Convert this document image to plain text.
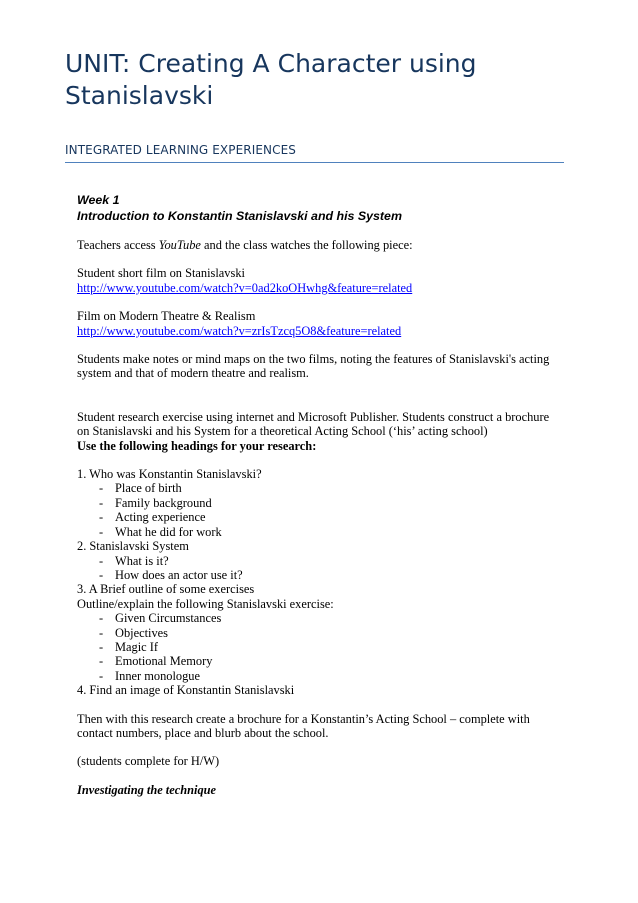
UNIT: Creating A Character using Stanislavski
INTEGRATED LEARNING EXPERIENCES

Week 1

Introduction to Konstantin Stanislavski and his System

Teachers access YouTube and the class watches the following piece:

Student short film on Stanislavski

http://www.youtube.com/watch?v=0ad2koOHwhg&feature=related

Film on Modern Theatre & Realism

http://www.youtube.com/watch?v=zrIsTzcq5O8&feature=related

Students make notes or mind maps on the two films, noting the features of Stanislavski's acting system and that of modern theatre and realism.

Student research exercise using internet and Microsoft Publisher. Students construct a brochure on Stanislavski and his System for a theoretical Acting School (‘his’ acting school)

Use the following headings for your research:

1. Who was Konstantin Stanislavski?

- Place of birth
- Family background
- Acting experience
- What he did for work

2. Stanislavski System

- What is it?
- How does an actor use it?

3. A Brief outline of some exercises

Outline/explain the following Stanislavski exercise:

- Given Circumstances
- Objectives
- Magic If
- Emotional Memory
- Inner monologue

4. Find an image of Konstantin Stanislavski

Then with this research create a brochure for a Konstantin’s Acting School – complete with contact numbers, place and blurb about the school.

(students complete for H/W)

Investigating the technique
